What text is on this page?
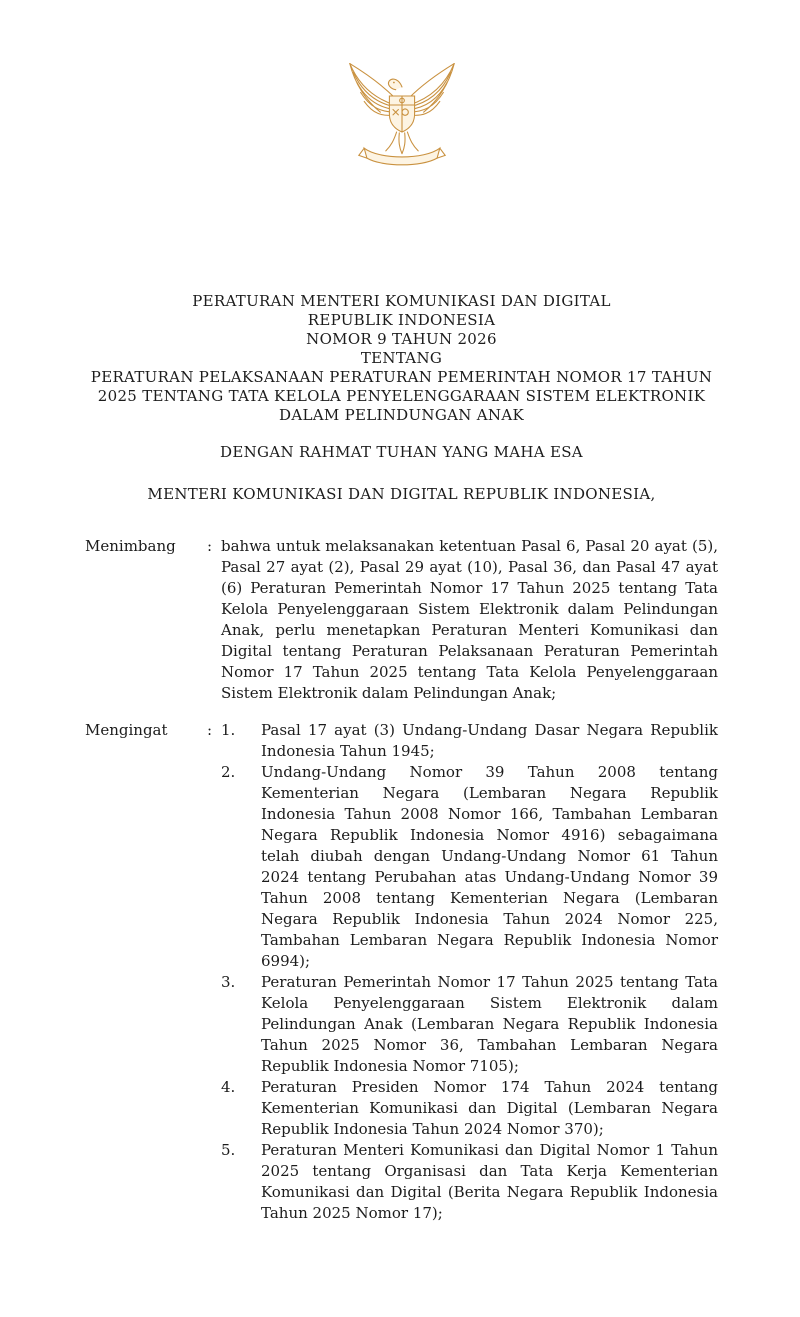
PERATURAN MENTERI KOMUNIKASI DAN DIGITAL
REPUBLIK INDONESIA
NOMOR 9 TAHUN 2026
TENTANG
PERATURAN PELAKSANAAN PERATURAN PEMERINTAH NOMOR 17 TAHUN
2025 TENTANG TATA KELOLA PENYELENGGARAAN SISTEM ELEKTRONIK
DALAM PELINDUNGAN ANAK
DENGAN RAHMAT TUHAN YANG MAHA ESA
MENTERI KOMUNIKASI DAN DIGITAL REPUBLIK INDONESIA,
Menimbang : bahwa untuk melaksanakan ketentuan Pasal 6, Pasal 20 ayat (5), Pasal 27 ayat (2), Pasal 29 ayat (10), Pasal 36, dan Pasal 47 ayat (6) Peraturan Pemerintah Nomor 17 Tahun 2025 tentang Tata Kelola Penyelenggaraan Sistem Elektronik dalam Pelindungan Anak, perlu menetapkan Peraturan Menteri Komunikasi dan Digital tentang Peraturan Pelaksanaan Peraturan Pemerintah Nomor 17 Tahun 2025 tentang Tata Kelola Penyelenggaraan Sistem Elektronik dalam Pelindungan Anak;
Mengingat	: 1.	Pasal 17 ayat (3) Undang-Undang Dasar Negara Republik Indonesia Tahun 1945;
2.	Undang-Undang Nomor 39 Tahun 2008 tentang Kementerian Negara (Lembaran Negara Republik Indonesia Tahun 2008 Nomor 166, Tambahan Lembaran Negara Republik Indonesia Nomor 4916) sebagaimana telah diubah dengan Undang-Undang Nomor 61 Tahun 2024 tentang Perubahan atas Undang-Undang Nomor 39 Tahun 2008 tentang Kementerian Negara (Lembaran Negara Republik Indonesia Tahun 2024 Nomor 225, Tambahan Lembaran Negara Republik Indonesia Nomor 6994);
3.	Peraturan Pemerintah Nomor 17 Tahun 2025 tentang Tata Kelola Penyelenggaraan Sistem Elektronik dalam Pelindungan Anak (Lembaran Negara Republik Indonesia Tahun 2025 Nomor 36, Tambahan Lembaran Negara Republik Indonesia Nomor 7105);
4.	Peraturan Presiden Nomor 174 Tahun 2024 tentang Kementerian Komunikasi dan Digital (Lembaran Negara Republik Indonesia Tahun 2024 Nomor 370);
5.	Peraturan Menteri Komunikasi dan Digital Nomor 1 Tahun 2025 tentang Organisasi dan Tata Kerja Kementerian Komunikasi dan Digital (Berita Negara Republik Indonesia Tahun 2025 Nomor 17);
